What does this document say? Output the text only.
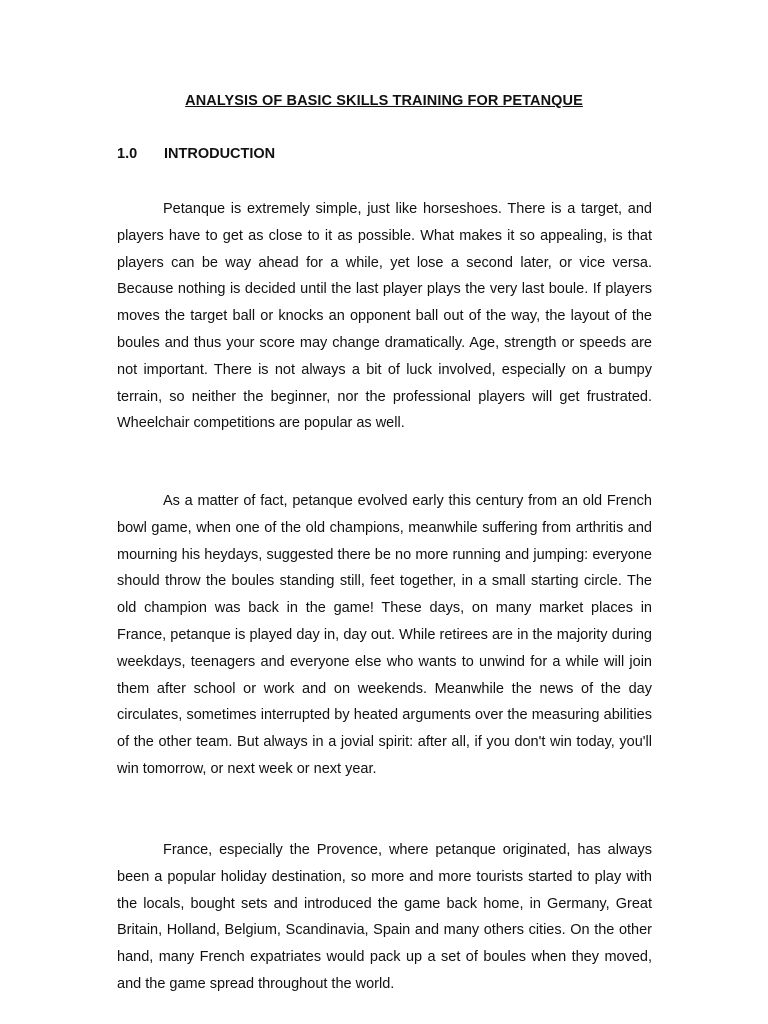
ANALYSIS OF BASIC SKILLS TRAINING FOR PETANQUE
1.0 INTRODUCTION

Petanque is extremely simple, just like horseshoes. There is a target, and players have to get as close to it as possible. What makes it so appealing, is that players can be way ahead for a while, yet lose a second later, or vice versa. Because nothing is decided until the last player plays the very last boule. If players moves the target ball or knocks an opponent ball out of the way, the layout of the boules and thus your score may change dramatically. Age, strength or speeds are not important. There is not always a bit of luck involved, especially on a bumpy terrain, so neither the beginner, nor the professional players will get frustrated. Wheelchair competitions are popular as well.

As a matter of fact, petanque evolved early this century from an old French bowl game, when one of the old champions, meanwhile suffering from arthritis and mourning his heydays, suggested there be no more running and jumping: everyone should throw the boules standing still, feet together, in a small starting circle. The old champion was back in the game! These days, on many market places in France, petanque is played day in, day out. While retirees are in the majority during weekdays, teenagers and everyone else who wants to unwind for a while will join them after school or work and on weekends. Meanwhile the news of the day circulates, sometimes interrupted by heated arguments over the measuring abilities of the other team. But always in a jovial spirit: after all, if you don't win today, you'll win tomorrow, or next week or next year.

France, especially the Provence, where petanque originated, has always been a popular holiday destination, so more and more tourists started to play with the locals, bought sets and introduced the game back home, in Germany, Great Britain, Holland, Belgium, Scandinavia, Spain and many others cities. On the other hand, many French expatriates would pack up a set of boules when they moved, and the game spread throughout the world.
